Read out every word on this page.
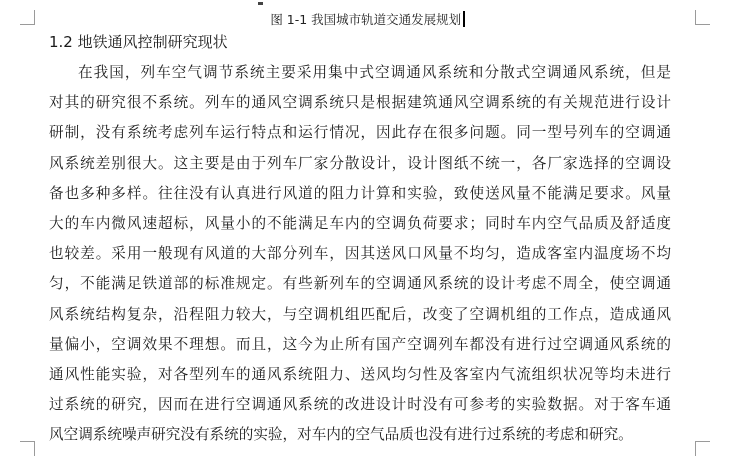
图 1-1 我国城市轨道交通发展规划
1.2 地铁通风控制研究现状
在我国，列车空气调节系统主要采用集中式空调通风系统和分散式空调通风系统，但是
对其的研究很不系统。列车的通风空调系统只是根据建筑通风空调系统的有关规范进行设计
研制，没有系统考虑列车运行特点和运行情况，因此存在很多问题。同一型号列车的空调通
风系统差别很大。这主要是由于列车厂家分散设计，设计图纸不统一，各厂家选择的空调设
备也多种多样。往往没有认真进行风道的阻力计算和实验，致使送风量不能满足要求。风量
大的车内微风速超标，风量小的不能满足车内的空调负荷要求；同时车内空气品质及舒适度
也较差。采用一般现有风道的大部分列车，因其送风口风量不均匀，造成客室内温度场不均
匀，不能满足铁道部的标准规定。有些新列车的空调通风系统的设计考虑不周全，使空调通
风系统结构复杂，沿程阻力较大，与空调机组匹配后，改变了空调机组的工作点，造成通风
量偏小，空调效果不理想。而且，这今为止所有国产空调列车都没有进行过空调通风系统的
通风性能实验，对各型列车的通风系统阻力、送风均匀性及客室内气流组织状况等均未进行
过系统的研究，因而在进行空调通风系统的改进设计时没有可参考的实验数据。对于客车通
风空调系统噪声研究没有系统的实验，对车内的空气品质也没有进行过系统的考虑和研究。
